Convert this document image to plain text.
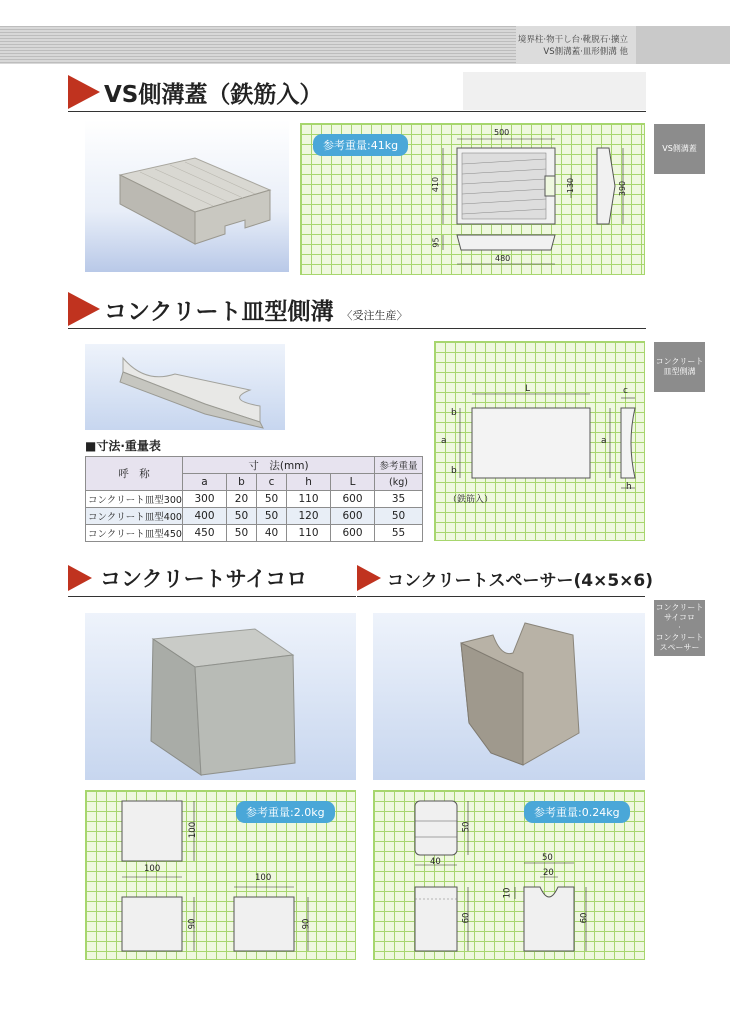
境界柱·物干し台·靴脱石·擴立
VS側溝蓋·皿形側溝 他
VS側溝蓋
コンクリート
皿型側溝
コンクリート
サイコロ
·
コンクリート
スペーサー
VS側溝蓋（鉄筋入）
参考重量:41kg
500
410	130	390
95
480
コンクリート皿型側溝 〈受注生産〉
■寸法·重量表
呼　称	寸　法(mm)					参考重量
	a	b	c	h	L	(kg)
コンクリート皿型300	300	20	50	110	600	35
コンクリート皿型400	400	50	50	120	600	50
コンクリート皿型450	450	50	40	110	600	55
L
b
a
b
c
a
h
（鉄筋入）
コンクリートサイコロ
参考重量:2.0kg
100
100
100
90	90
コンクリートスペーサー(4×5×6)
参考重量:0.24kg
50
40
60
50
20
10
60
